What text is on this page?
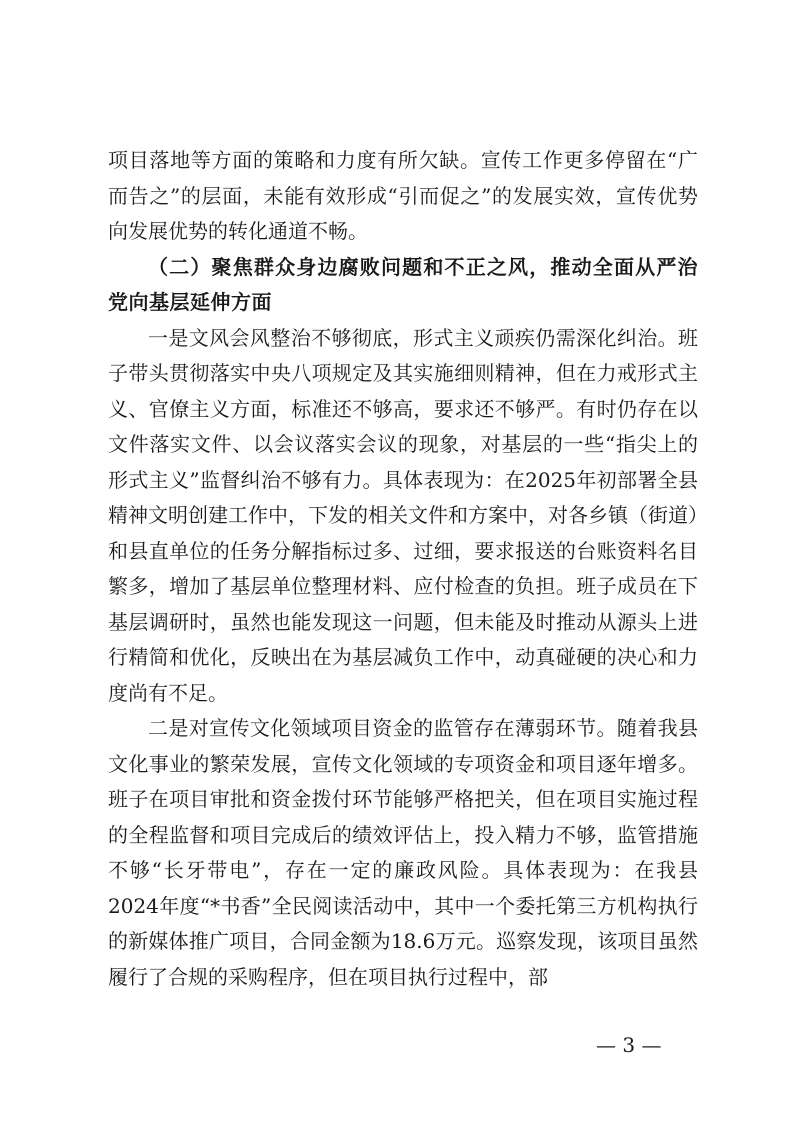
项目落地等方面的策略和力度有所欠缺。宣传工作更多停留在“广而告之”的层面，未能有效形成“引而促之”的发展实效，宣传优势向发展优势的转化通道不畅。

（二）聚焦群众身边腐败问题和不正之风，推动全面从严治党向基层延伸方面

一是文风会风整治不够彻底，形式主义顽疾仍需深化纠治。班子带头贯彻落实中央八项规定及其实施细则精神，但在力戒形式主义、官僚主义方面，标准还不够高，要求还不够严。有时仍存在以文件落实文件、以会议落实会议的现象，对基层的一些“指尖上的形式主义”监督纠治不够有力。具体表现为：在2025年初部署全县精神文明创建工作中，下发的相关文件和方案中，对各乡镇（街道）和县直单位的任务分解指标过多、过细，要求报送的台账资料名目繁多，增加了基层单位整理材料、应付检查的负担。班子成员在下基层调研时，虽然也能发现这一问题，但未能及时推动从源头上进行精简和优化，反映出在为基层减负工作中，动真碰硬的决心和力度尚有不足。

二是对宣传文化领域项目资金的监管存在薄弱环节。随着我县文化事业的繁荣发展，宣传文化领域的专项资金和项目逐年增多。班子在项目审批和资金拨付环节能够严格把关，但在项目实施过程的全程监督和项目完成后的绩效评估上，投入精力不够，监管措施不够“长牙带电”，存在一定的廉政风险。具体表现为：在我县2024年度“*书香”全民阅读活动中，其中一个委托第三方机构执行的新媒体推广项目，合同金额为18.6万元。巡察发现，该项目虽然履行了合规的采购程序，但在项目执行过程中，部

— 3 —
